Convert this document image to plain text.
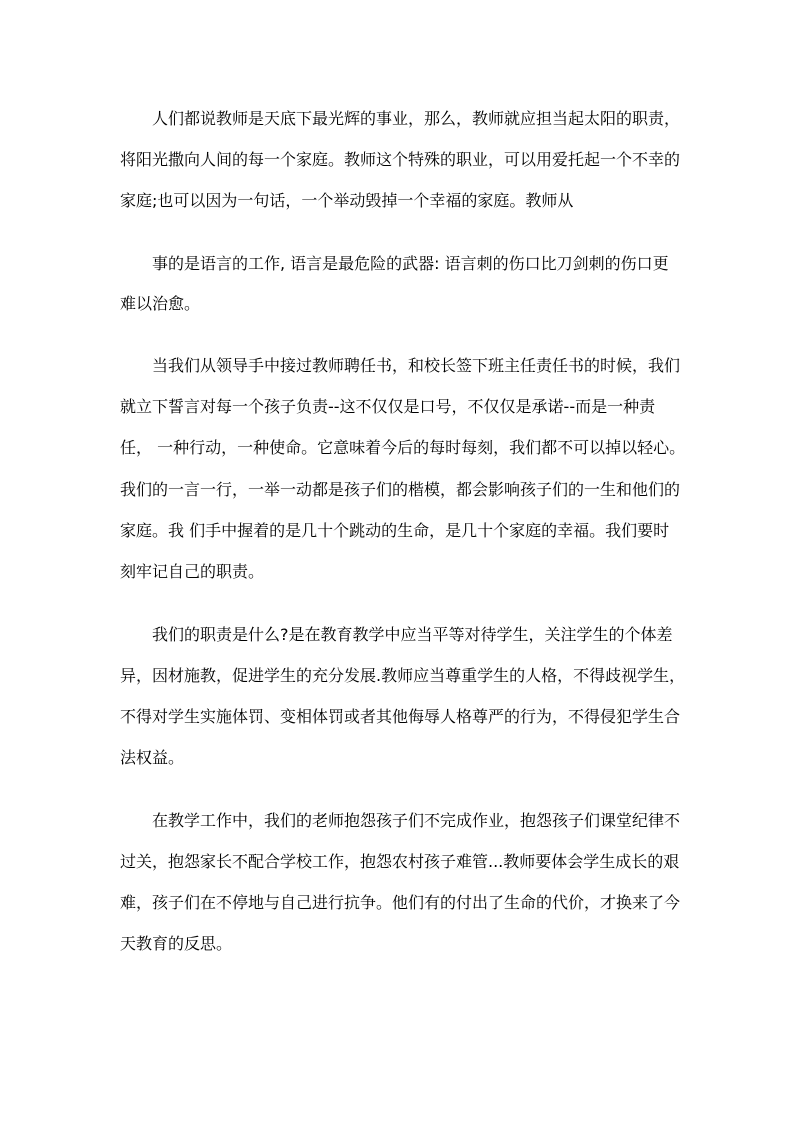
人们都说教师是天底下最光辉的事业，那么，教师就应担当起太阳的职责，
将阳光撒向人间的每一个家庭。教师这个特殊的职业，可以用爱托起一个不幸的
家庭;也可以因为一句话，一个举动毁掉一个幸福的家庭。教师从
事的是语言的工作, 语言是最危险的武器: 语言刺的伤口比刀剑刺的伤口更
难以治愈。
当我们从领导手中接过教师聘任书，和校长签下班主任责任书的时候，我们
就立下誓言对每一个孩子负责--这不仅仅是口号，不仅仅是承诺--而是一种责
任， 一种行动，一种使命。它意味着今后的每时每刻，我们都不可以掉以轻心。
我们的一言一行，一举一动都是孩子们的楷模，都会影响孩子们的一生和他们的
家庭。我 们手中握着的是几十个跳动的生命，是几十个家庭的幸福。我们要时
刻牢记自己的职责。
我们的职责是什么?是在教育教学中应当平等对待学生，关注学生的个体差
异，因材施教，促进学生的充分发展.教师应当尊重学生的人格，不得歧视学生，
不得对学生实施体罚、变相体罚或者其他侮辱人格尊严的行为，不得侵犯学生合
法权益。
在教学工作中，我们的老师抱怨孩子们不完成作业，抱怨孩子们课堂纪律不
过关，抱怨家长不配合学校工作，抱怨农村孩子难管...教师要体会学生成长的艰
难，孩子们在不停地与自己进行抗争。他们有的付出了生命的代价，才换来了今
天教育的反思。
